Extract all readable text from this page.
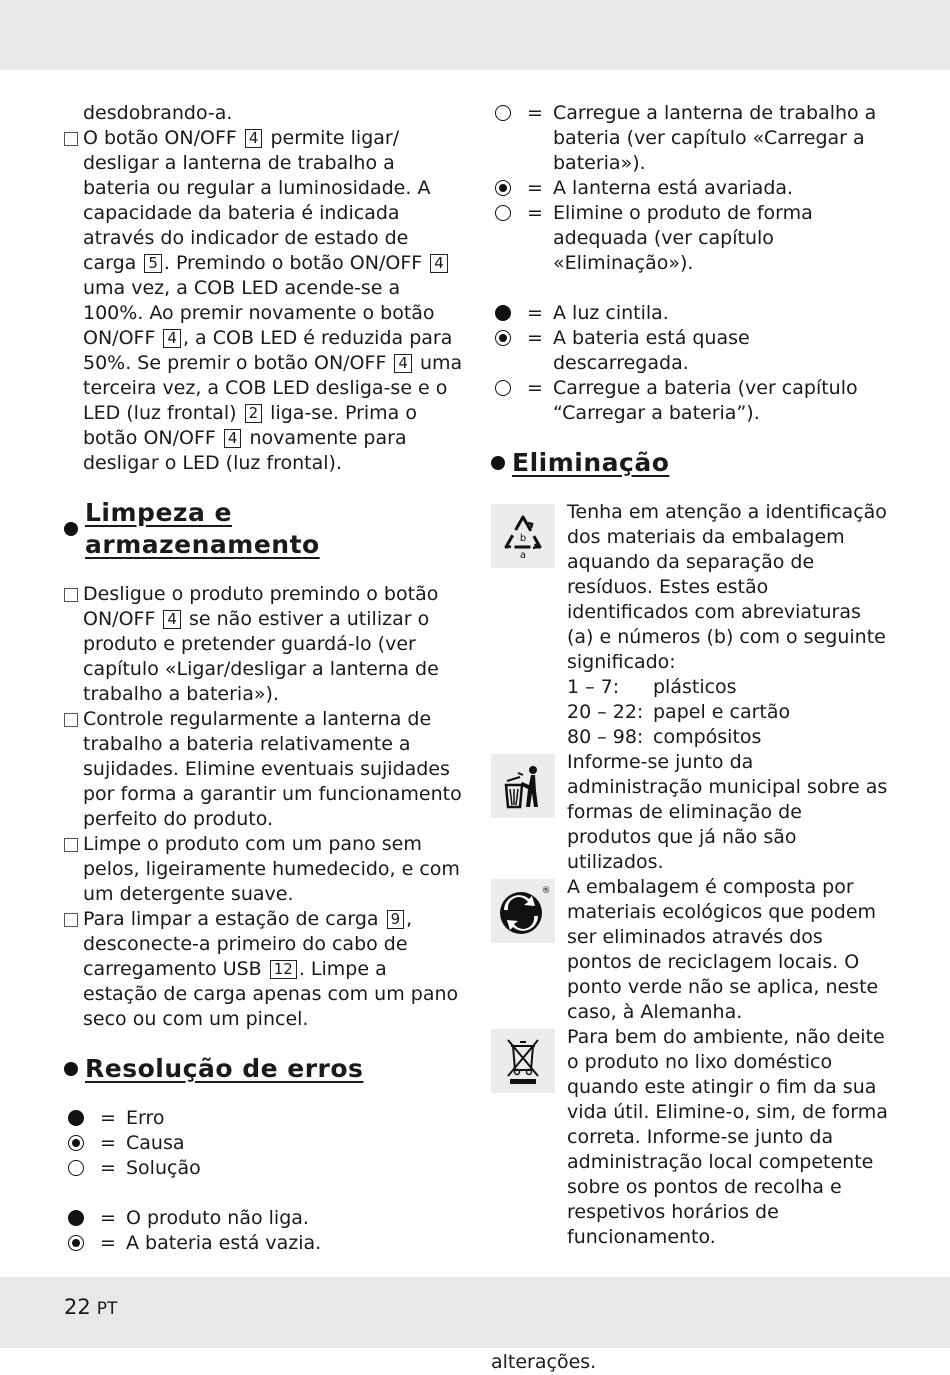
desdobrando-a.

O botão ON/OFF 4 permite ligar/ desligar a lanterna de trabalho a bateria ou regular a luminosidade. A capacidade da bateria é indicada através do indicador de estado de carga 5 . Premindo o botão ON/OFF 4 uma vez, a COB LED acende-se a 100%. Ao premir novamente o botão ON/OFF 4 , a COB LED é reduzida para 50%. Se premir o botão ON/OFF 4 uma terceira vez, a COB LED desliga-se e o LED (luz frontal) 2 liga-se. Prima o botão ON/OFF 4 novamente para desligar o LED (luz frontal).
Limpeza e armazenamento
Desligue o produto premindo o botão ON/OFF 4 se não estiver a utilizar o produto e pretender guardá-lo (ver capítulo «Ligar/desligar a lanterna de trabalho a bateria»).
Controle regularmente a lanterna de trabalho a bateria relativamente a sujidades. Elimine eventuais sujidades por forma a garantir um funcionamento perfeito do produto.
Limpe o produto com um pano sem pelos, ligeiramente humedecido, e com um detergente suave.
Para limpar a estação de carga 9 , desconecte-a primeiro do cabo de carregamento USB 12 . Limpe a estação de carga apenas com um pano seco ou com um pincel.
Resolução de erros
= Erro
= Causa
= Solução
= O produto não liga.
= A bateria está vazia.
= Carregue a lanterna de trabalho a bateria (ver capítulo «Carregar a bateria»).
= A lanterna está avariada.
= Elimine o produto de forma adequada (ver capítulo «Eliminação»).
= A luz cintila.
= A bateria está quase descarregada.
= Carregue a bateria (ver capítulo “Carregar a bateria”).
Eliminação
b
a

Tenha em atenção a identificação dos materiais da embalagem aquando da separação de resíduos. Estes estão identificados com abreviaturas (a) e números (b) com o seguinte significado:

1 – 7:	plásticos
20 – 22: papel e cartão
80 – 98: compósitos

Informe-se junto da administração municipal sobre as formas de eliminação de produtos que já não são utilizados.

® A embalagem é composta por materiais ecológicos que podem ser eliminados através dos pontos de reciclagem locais. O ponto verde não se aplica, neste caso, à Alemanha.

Para bem do ambiente, não deite o produto no lixo doméstico quando este atingir o fim da sua vida útil. Elimine-o, sim, de forma correta. Informe-se junto da administração local competente sobre os pontos de recolha e respetivos horários de funcionamento.

alterações.

22 PT
